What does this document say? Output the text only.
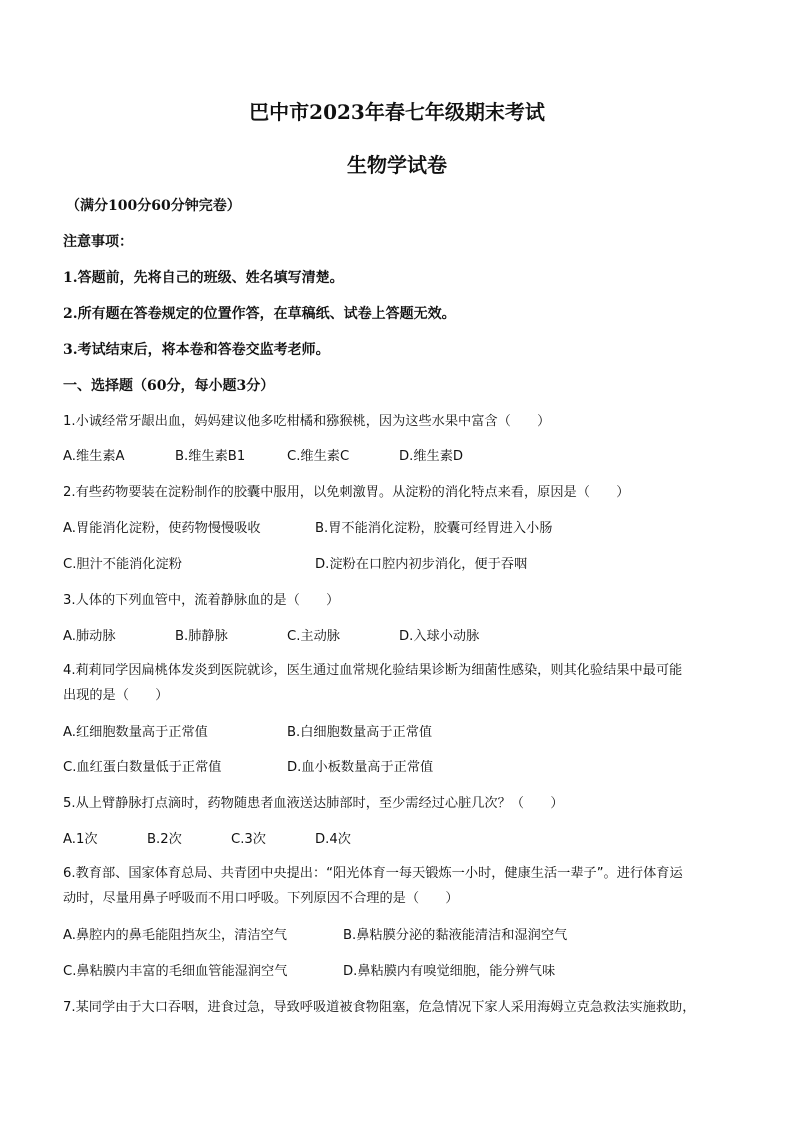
巴中市2023年春七年级期末考试
生物学试卷
（满分100分60分钟完卷）
注意事项：
1.答题前，先将自己的班级、姓名填写清楚。
2.所有题在答卷规定的位置作答，在草稿纸、试卷上答题无效。
3.考试结束后，将本卷和答卷交监考老师。
一、选择题（60分，每小题3分）
1.小诚经常牙龈出血，妈妈建议他多吃柑橘和猕猴桃，因为这些水果中富含（　　）
A.维生素A	B.维生素B1	C.维生素C	D.维生素D
2.有些药物要装在淀粉制作的胶囊中服用，以免刺激胃。从淀粉的消化特点来看，原因是（　　）
A.胃能消化淀粉，使药物慢慢吸收	B.胃不能消化淀粉，胶囊可经胃进入小肠
C.胆汁不能消化淀粉	D.淀粉在口腔内初步消化，便于吞咽
3.人体的下列血管中，流着静脉血的是（　　）
A.肺动脉	B.肺静脉	C.主动脉	D.入球小动脉
4.莉莉同学因扁桃体发炎到医院就诊，医生通过血常规化验结果诊断为细菌性感染，则其化验结果中最可能
出现的是（　　）
A.红细胞数量高于正常值	B.白细胞数量高于正常值
C.血红蛋白数量低于正常值	D.血小板数量高于正常值
5.从上臂静脉打点滴时，药物随患者血液送达肺部时，至少需经过心脏几次？（　　）
A.1次	B.2次	C.3次	D.4次
6.教育部、国家体育总局、共青团中央提出：“阳光体育一每天锻炼一小时，健康生活一辈子”。进行体育运
动时，尽量用鼻子呼吸而不用口呼吸。下列原因不合理的是（　　）
A.鼻腔内的鼻毛能阻挡灰尘，清洁空气	B.鼻粘膜分泌的黏液能清洁和湿润空气
C.鼻粘膜内丰富的毛细血管能湿润空气	D.鼻粘膜内有嗅觉细胞，能分辨气味
7.某同学由于大口吞咽，进食过急，导致呼吸道被食物阻塞，危急情况下家人采用海姆立克急救法实施救助，
